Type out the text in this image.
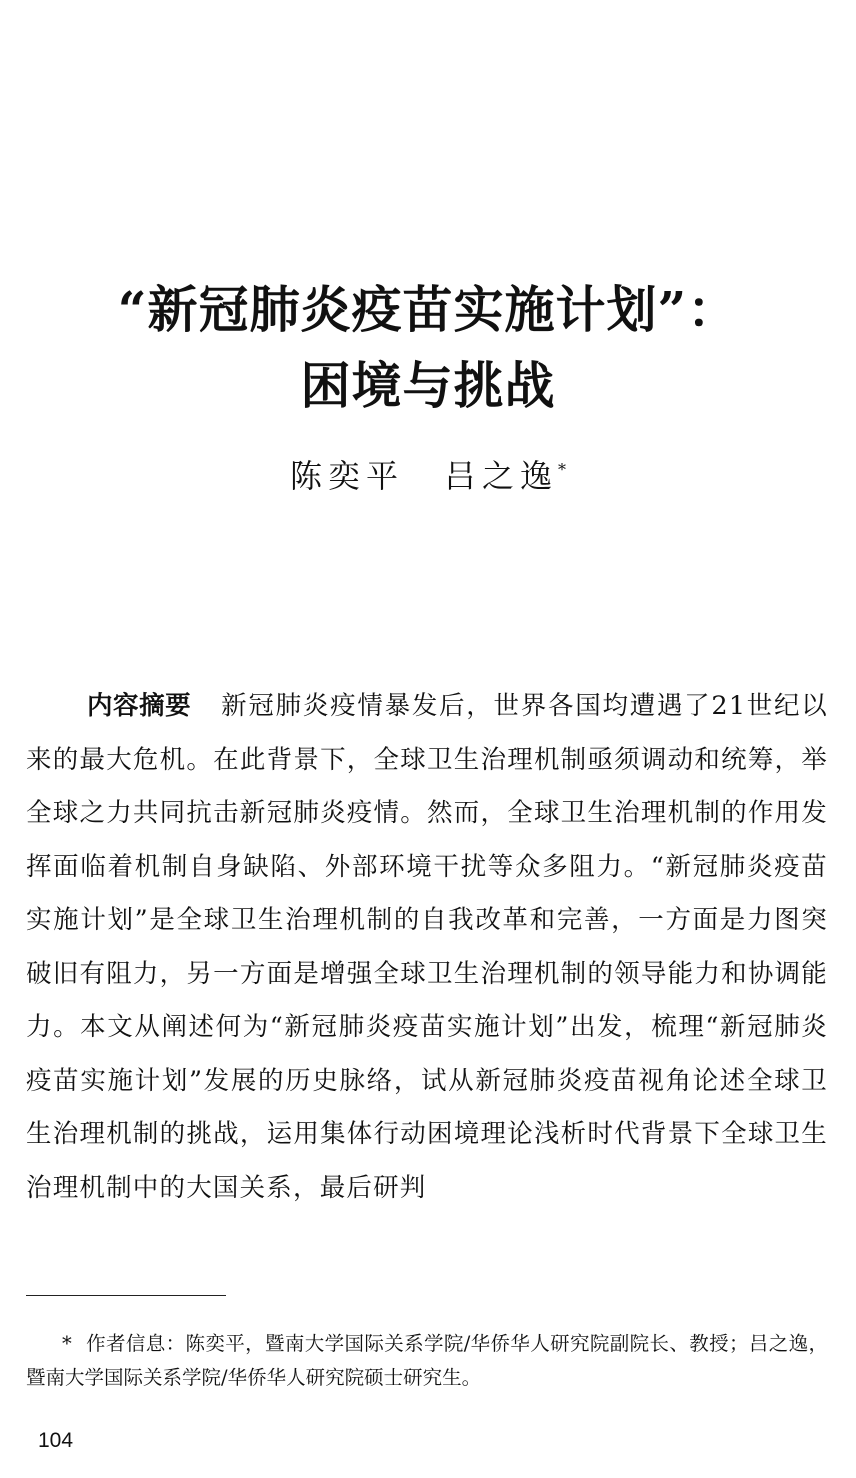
“新冠肺炎疫苗实施计划”：
困境与挑战
陈奕平 吕之逸*

内容摘要 新冠肺炎疫情暴发后，世界各国均遭遇了21世纪以来的最大危机。在此背景下，全球卫生治理机制亟须调动和统筹，举全球之力共同抗击新冠肺炎疫情。然而，全球卫生治理机制的作用发挥面临着机制自身缺陷、外部环境干扰等众多阻力。“新冠肺炎疫苗实施计划”是全球卫生治理机制的自我改革和完善，一方面是力图突破旧有阻力，另一方面是增强全球卫生治理机制的领导能力和协调能力。本文从阐述何为“新冠肺炎疫苗实施计划”出发，梳理“新冠肺炎疫苗实施计划”发展的历史脉络，试从新冠肺炎疫苗视角论述全球卫生治理机制的挑战，运用集体行动困境理论浅析时代背景下全球卫生治理机制中的大国关系，最后研判

* 作者信息：陈奕平，暨南大学国际关系学院/华侨华人研究院副院长、教授；吕之逸，暨南大学国际关系学院/华侨华人研究院硕士研究生。

104
